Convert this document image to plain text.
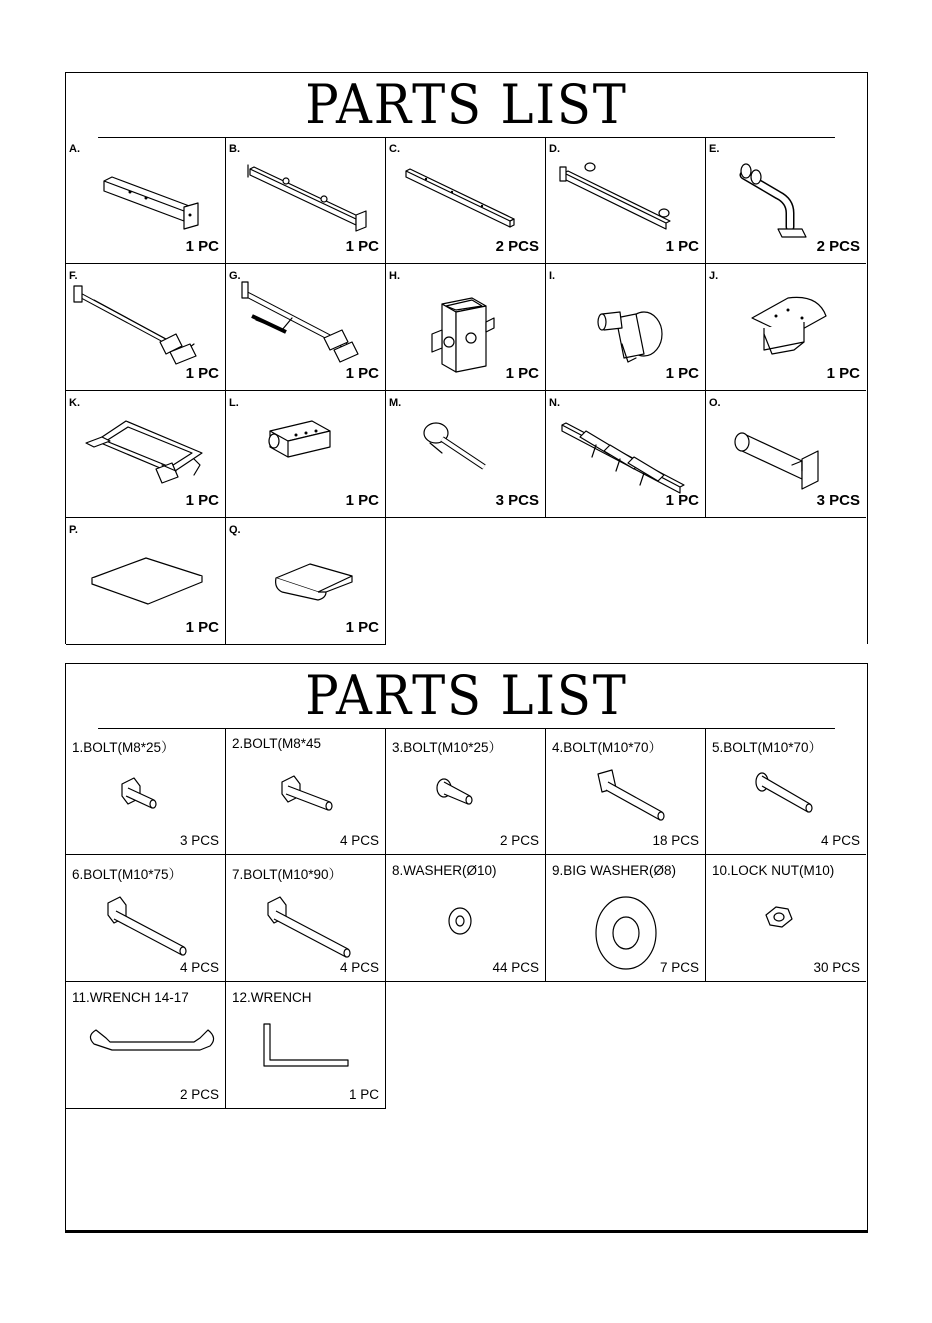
PARTS LIST
A.
1 PC
B.
1 PC
C.
2 PCS
D.
1 PC
E.
2 PCS
F.
1 PC
G.
1 PC
H.
1 PC
I.
1 PC
J.
1 PC
K.
1 PC
L.
1 PC
M.
3 PCS
N.
1 PC
O.
3 PCS
P.
1 PC
Q.
1 PC
PARTS LIST
1.BOLT(M8*25）
3 PCS
2.BOLT(M8*45
4 PCS
3.BOLT(M10*25）
2 PCS
4.BOLT(M10*70）
18 PCS
5.BOLT(M10*70）
4 PCS
6.BOLT(M10*75）
4 PCS
7.BOLT(M10*90）
4 PCS
8.WASHER(Ø10)
44 PCS
9.BIG WASHER(Ø8)
7 PCS
10.LOCK NUT(M10)
30 PCS
11.WRENCH 14-17
2 PCS
12.WRENCH
1 PC
